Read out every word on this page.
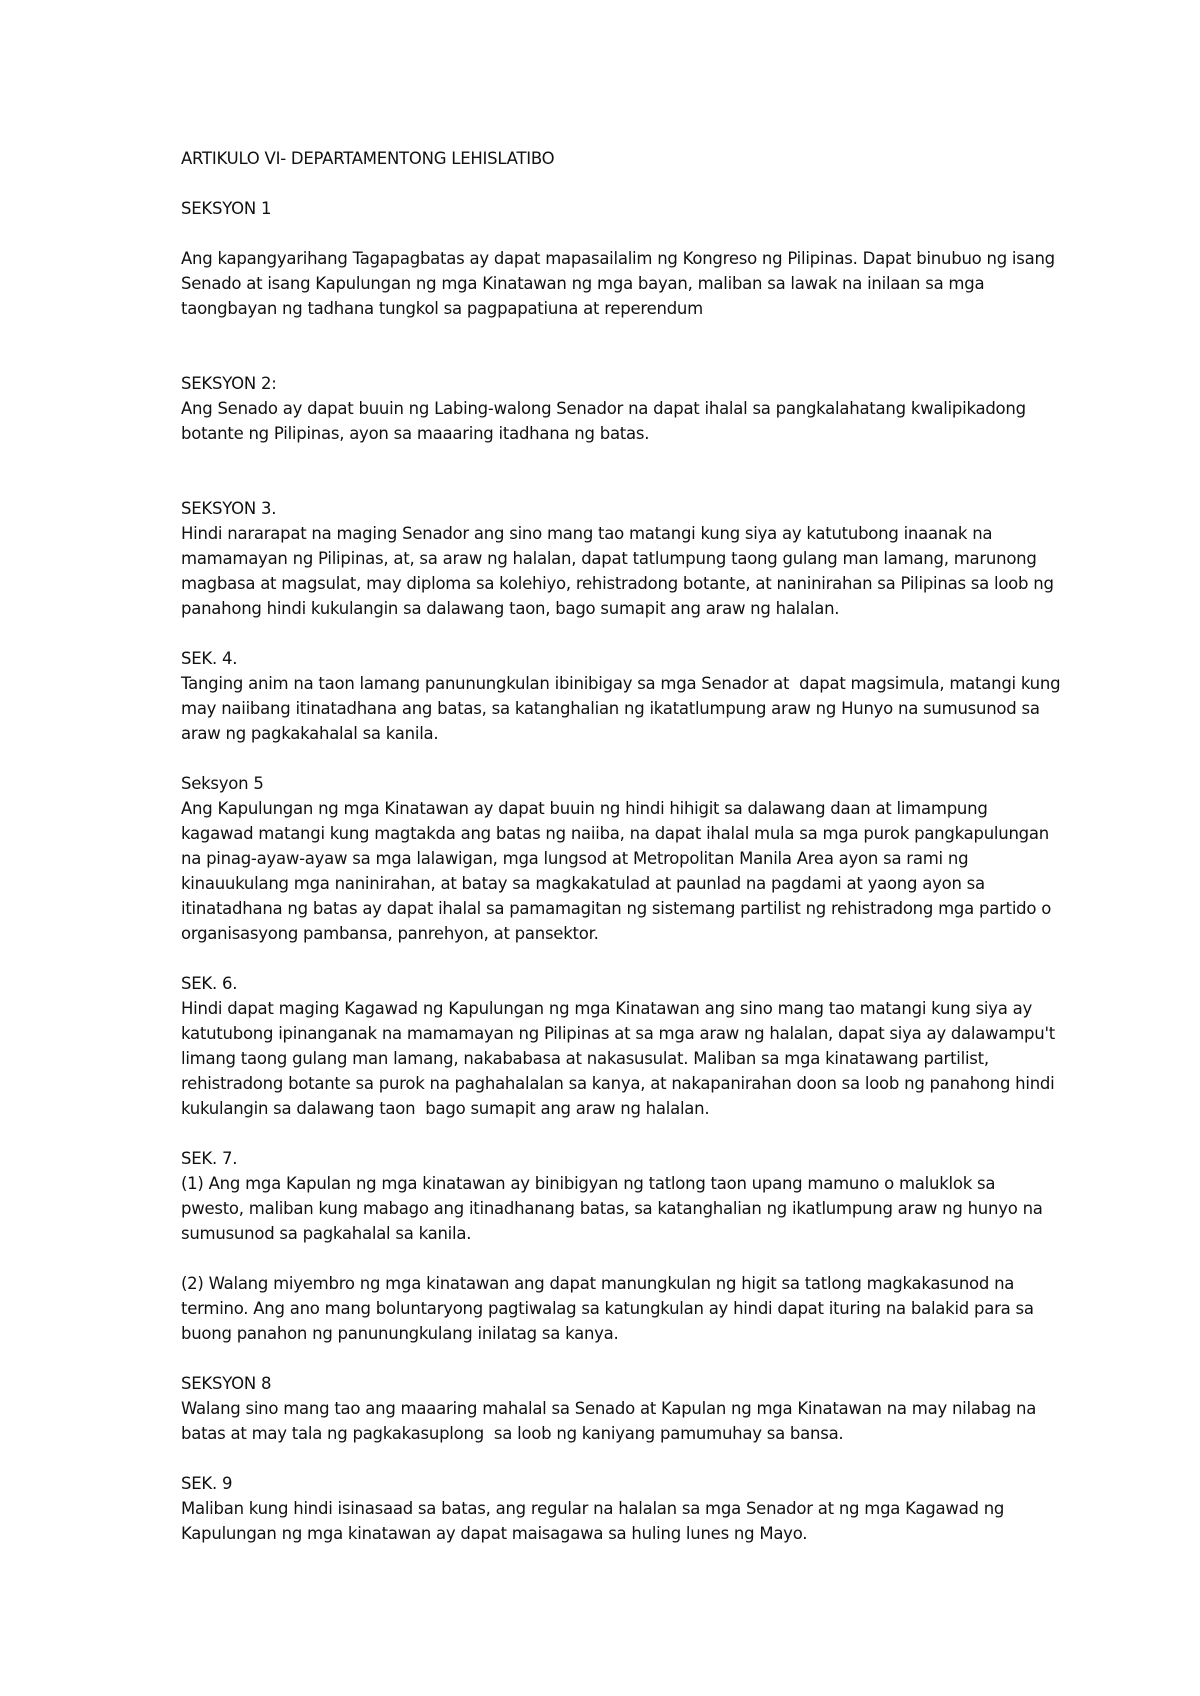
ARTIKULO VI- DEPARTAMENTONG LEHISLATIBO

SEKSYON 1

Ang kapangyarihang Tagapagbatas ay dapat mapasailalim ng Kongreso ng Pilipinas. Dapat binubuo ng isang Senado at isang Kapulungan ng mga Kinatawan ng mga bayan, maliban sa lawak na inilaan sa mga taongbayan ng tadhana tungkol sa pagpapatiuna at reperendum

SEKSYON 2:

Ang Senado ay dapat buuin ng Labing-walong Senador na dapat ihalal sa pangkalahatang kwalipikadong botante ng Pilipinas, ayon sa maaaring itadhana ng batas.

SEKSYON 3.

Hindi nararapat na maging Senador ang sino mang tao matangi kung siya ay katutubong inaanak na mamamayan ng Pilipinas, at, sa araw ng halalan, dapat tatlumpung taong gulang man lamang, marunong magbasa at magsulat, may diploma sa kolehiyo, rehistradong botante, at naninirahan sa Pilipinas sa loob ng panahong hindi kukulangin sa dalawang taon, bago sumapit ang araw ng halalan.

SEK. 4.

Tanging anim na taon lamang panunungkulan ibinibigay sa mga Senador at  dapat magsimula, matangi kung may naiibang itinatadhana ang batas, sa katanghalian ng ikatatlumpung araw ng Hunyo na sumusunod sa araw ng pagkakahalal sa kanila.

Seksyon 5

Ang Kapulungan ng mga Kinatawan ay dapat buuin ng hindi hihigit sa dalawang daan at limampung kagawad matangi kung magtakda ang batas ng naiiba, na dapat ihalal mula sa mga purok pangkapulungan na pinag-ayaw-ayaw sa mga lalawigan, mga lungsod at Metropolitan Manila Area ayon sa rami ng kinauukulang mga naninirahan, at batay sa magkakatulad at paunlad na pagdami at yaong ayon sa itinatadhana ng batas ay dapat ihalal sa pamamagitan ng sistemang partilist ng rehistradong mga partido o organisasyong pambansa, panrehyon, at pansektor.

SEK. 6.

Hindi dapat maging Kagawad ng Kapulungan ng mga Kinatawan ang sino mang tao matangi kung siya ay katutubong ipinanganak na mamamayan ng Pilipinas at sa mga araw ng halalan, dapat siya ay dalawampu't limang taong gulang man lamang, nakababasa at nakasusulat. Maliban sa mga kinatawang partilist, rehistradong botante sa purok na paghahalalan sa kanya, at nakapanirahan doon sa loob ng panahong hindi kukulangin sa dalawang taon  bago sumapit ang araw ng halalan.

SEK. 7.

(1) Ang mga Kapulan ng mga kinatawan ay binibigyan ng tatlong taon upang mamuno o maluklok sa pwesto, maliban kung mabago ang itinadhanang batas, sa katanghalian ng ikatlumpung araw ng hunyo na sumusunod sa pagkahalal sa kanila.

(2) Walang miyembro ng mga kinatawan ang dapat manungkulan ng higit sa tatlong magkakasunod na termino. Ang ano mang boluntaryong pagtiwalag sa katungkulan ay hindi dapat ituring na balakid para sa buong panahon ng panunungkulang inilatag sa kanya.

SEKSYON 8

Walang sino mang tao ang maaaring mahalal sa Senado at Kapulan ng mga Kinatawan na may nilabag na batas at may tala ng pagkakasuplong  sa loob ng kaniyang pamumuhay sa bansa.

SEK. 9

Maliban kung hindi isinasaad sa batas, ang regular na halalan sa mga Senador at ng mga Kagawad ng Kapulungan ng mga kinatawan ay dapat maisagawa sa huling lunes ng Mayo.
